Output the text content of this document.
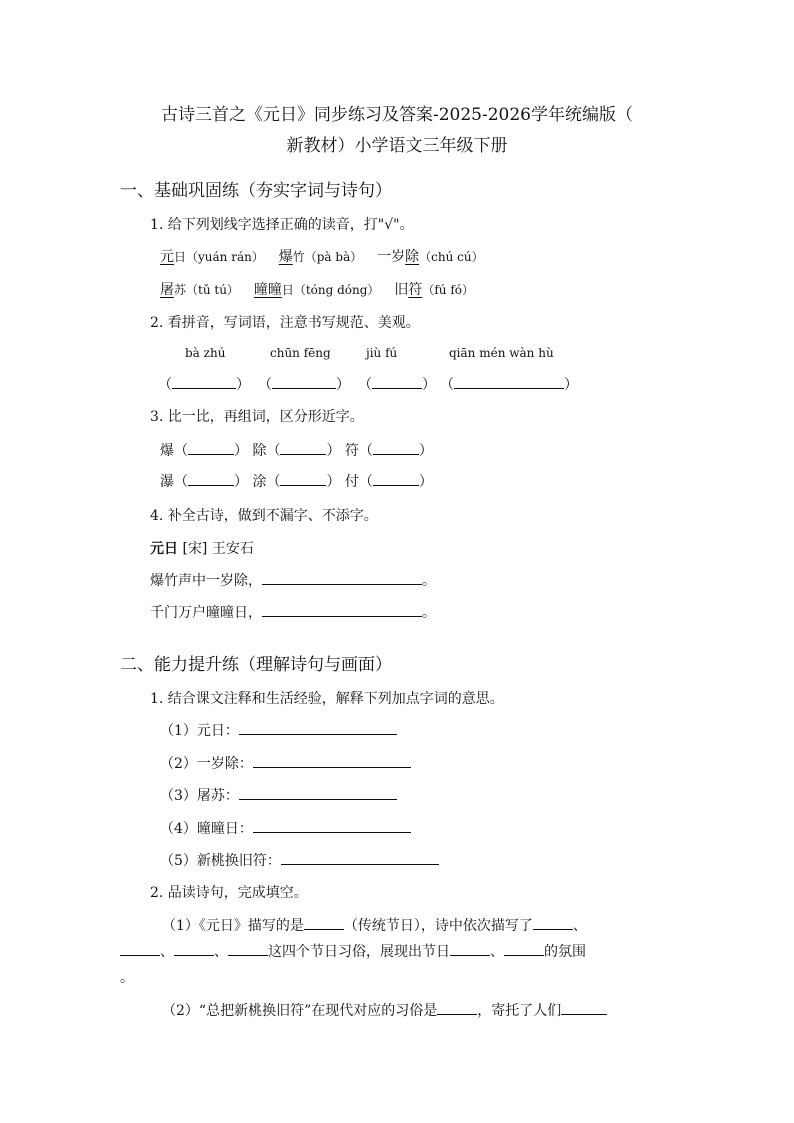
古诗三首之《元日》同步练习及答案-2025-2026学年统编版（
新教材）小学语文三年级下册
一、基础巩固练（夯实字词与诗句）
1. 给下列划线字选择正确的读音，打"√"。
元日（yuán rán） 爆竹（pà bà） 一岁除（chú cú）
屠苏（tǔ tú） 曈曈日（tóng dóng） 旧符（fú fó）
2. 看拼音，写词语，注意书写规范、美观。
bà zhú	chūn fēng	jiù fú	qiān mén wàn hù
（	） （	） （	） （	）
3. 比一比，再组词，区分形近字。
爆（	） 除（	） 符（	）
瀑（	） 涂（	） 付（	）
4. 补全古诗，做到不漏字、不添字。
元日 [宋] 王安石
爆竹声中一岁除，	。
千门万户曈曈日，	。
二、能力提升练（理解诗句与画面）
1. 结合课文注释和生活经验，解释下列加点字词的意思。
（1）元日：
（2）一岁除：
（3）屠苏：
（4）曈曈日：
（5）新桃换旧符：
2. 品读诗句，完成填空。
（1）《元日》描写的是	（传统节日），诗中依次描写了	、
、	、	这四个节日习俗，展现出节日	、	的氛围
。
（2）“总把新桃换旧符”在现代对应的习俗是	，寄托了人们
